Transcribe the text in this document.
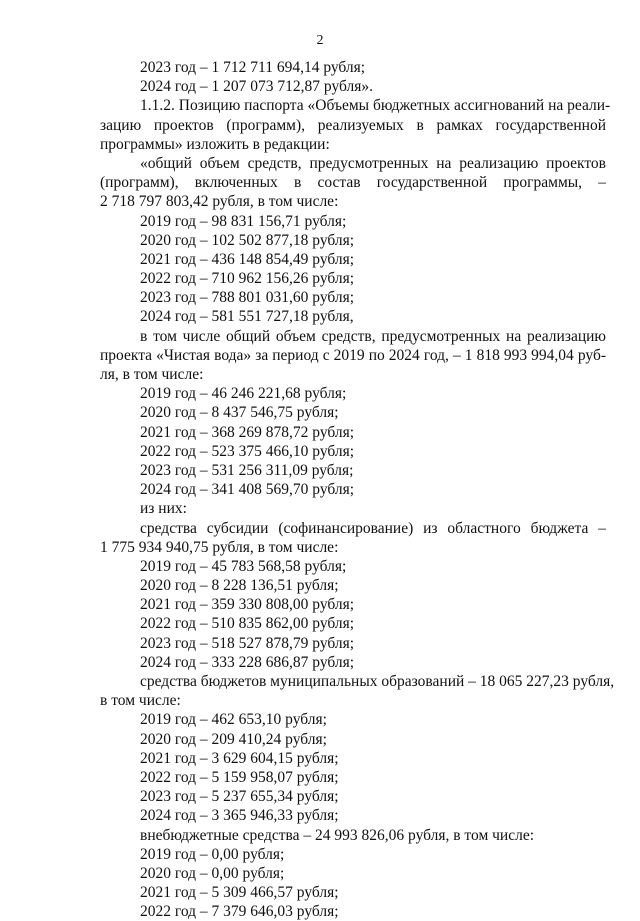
2
2023 год – 1 712 711 694,14 рубля;
2024 год – 1 207 073 712,87 рубля».
1.1.2. Позицию паспорта «Объемы бюджетных ассигнований на реали-
зацию проектов (программ), реализуемых в рамках государственной
программы» изложить в редакции:
«общий объем средств, предусмотренных на реализацию проектов
(программ), включенных в состав государственной программы, –
2 718 797 803,42 рубля, в том числе:
2019 год – 98 831 156,71 рубля;
2020 год – 102 502 877,18 рубля;
2021 год – 436 148 854,49 рубля;
2022 год – 710 962 156,26 рубля;
2023 год – 788 801 031,60 рубля;
2024 год – 581 551 727,18 рубля,
в том числе общий объем средств, предусмотренных на реализацию
проекта «Чистая вода» за период с 2019 по 2024 год, – 1 818 993 994,04 руб-
ля, в том числе:
2019 год – 46 246 221,68 рубля;
2020 год – 8 437 546,75 рубля;
2021 год – 368 269 878,72 рубля;
2022 год – 523 375 466,10 рубля;
2023 год – 531 256 311,09 рубля;
2024 год – 341 408 569,70 рубля;
из них:
средства субсидии (софинансирование) из областного бюджета –
1 775 934 940,75 рубля, в том числе:
2019 год – 45 783 568,58 рубля;
2020 год – 8 228 136,51 рубля;
2021 год – 359 330 808,00 рубля;
2022 год – 510 835 862,00 рубля;
2023 год – 518 527 878,79 рубля;
2024 год – 333 228 686,87 рубля;
средства бюджетов муниципальных образований – 18 065 227,23 рубля,
в том числе:
2019 год – 462 653,10 рубля;
2020 год – 209 410,24 рубля;
2021 год – 3 629 604,15 рубля;
2022 год – 5 159 958,07 рубля;
2023 год – 5 237 655,34 рубля;
2024 год – 3 365 946,33 рубля;
внебюджетные средства – 24 993 826,06 рубля, в том числе:
2019 год – 0,00 рубля;
2020 год – 0,00 рубля;
2021 год – 5 309 466,57 рубля;
2022 год – 7 379 646,03 рубля;
